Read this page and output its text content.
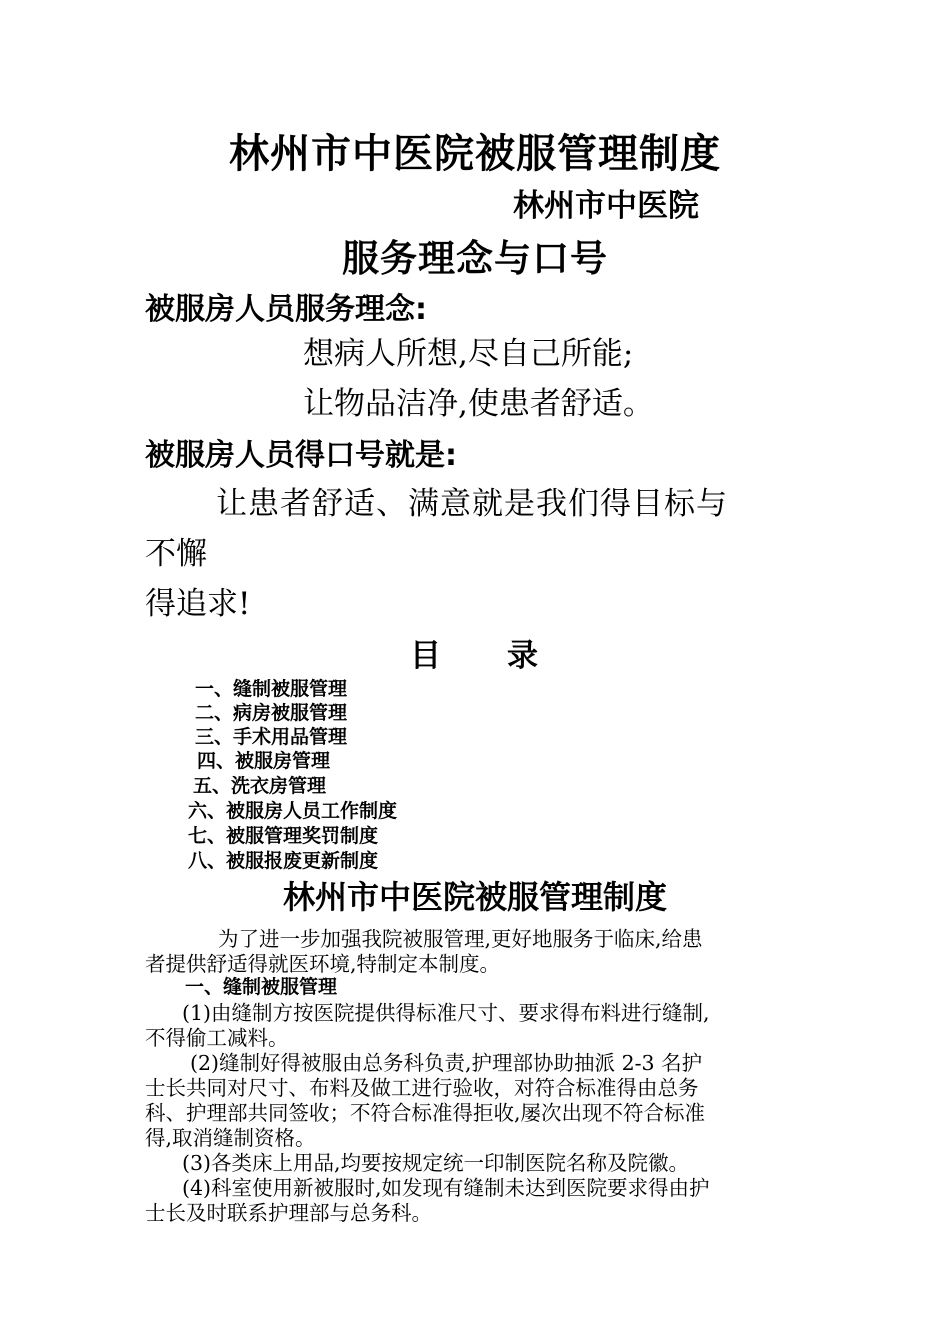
林州市中医院被服管理制度
林州市中医院
服务理念与口号
被服房人员服务理念:
想病人所想,尽自己所能;
让物品洁净,使患者舒适。
被服房人员得口号就是:
让患者舒适、满意就是我们得目标与
不懈
得追求!
目 录
一、缝制被服管理
二、病房被服管理
三、手术用品管理
四、被服房管理
五、洗衣房管理
六、被服房人员工作制度
七、被服管理奖罚制度
八、被服报废更新制度
林州市中医院被服管理制度
为了进一步加强我院被服管理,更好地服务于临床,给患
者提供舒适得就医环境,特制定本制度。
一、缝制被服管理
(1)由缝制方按医院提供得标准尺寸、要求得布料进行缝制,
不得偷工减料。
(2)缝制好得被服由总务科负责,护理部协助抽派 2-3 名护
士长共同对尺寸、布料及做工进行验收，对符合标准得由总务
科、护理部共同签收；不符合标准得拒收,屡次出现不符合标准
得,取消缝制资格。
(3)各类床上用品,均要按规定统一印制医院名称及院徽。
(4)科室使用新被服时,如发现有缝制未达到医院要求得由护
士长及时联系护理部与总务科。
